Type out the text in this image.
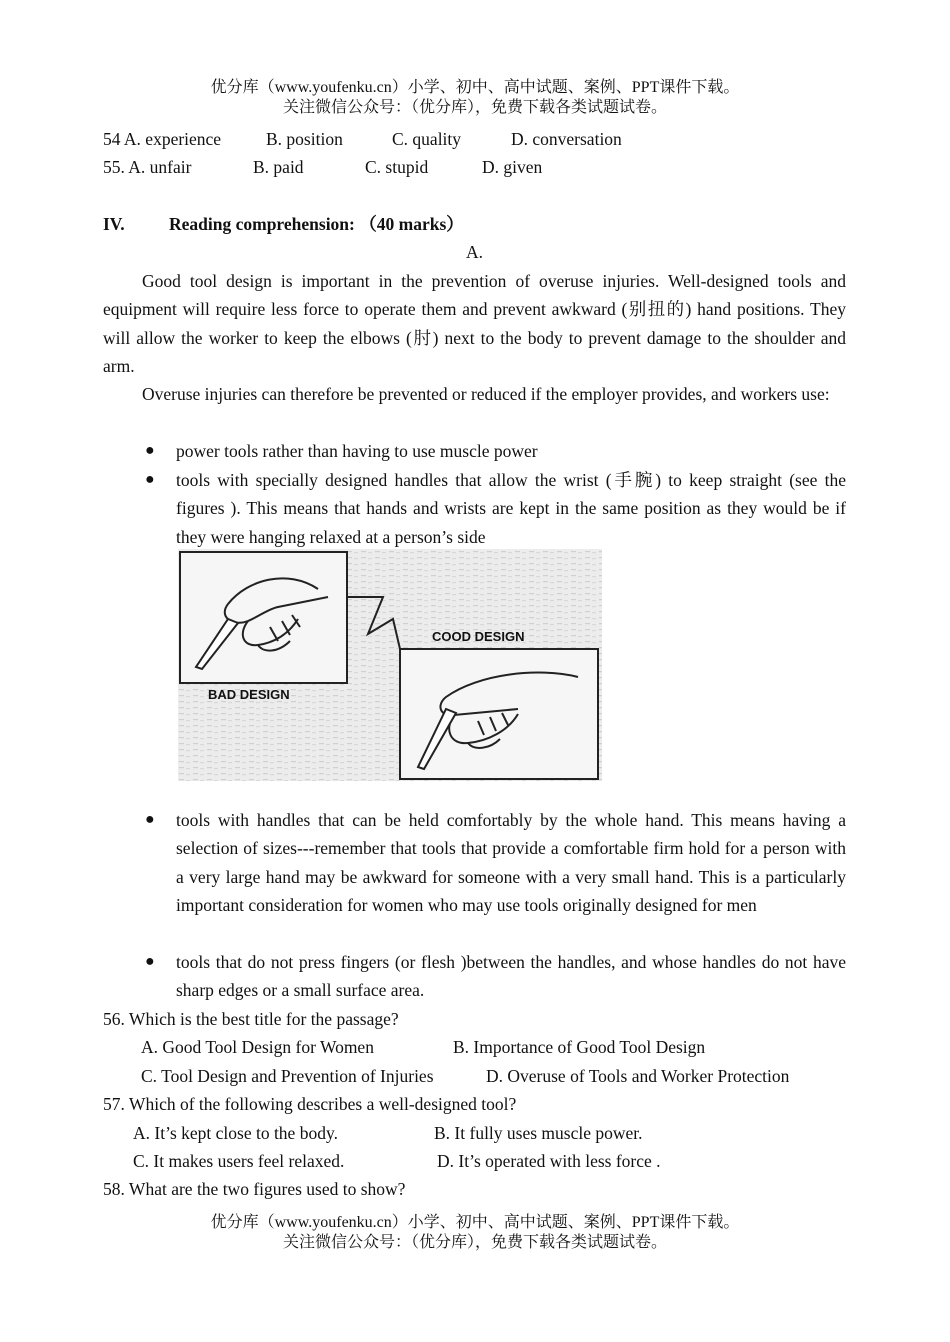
优分库（www.youfenku.cn）小学、初中、高中试题、案例、PPT课件下载。
关注微信公众号：（优分库），免费下载各类试题试卷。
54 A. experience	B. position	C. quality	D. conversation
55. A. unfair	B. paid	C. stupid	D. given
IV.	Reading comprehension: （40 marks）
A.
Good tool design is important in the prevention of overuse injuries. Well-designed tools and equipment will require less force to operate them and prevent awkward (别扭的) hand positions. They will allow the worker to keep the elbows (肘) next to the body to prevent damage to the shoulder and arm.
Overuse injuries can therefore be prevented or reduced if the employer provides, and workers use:
● power tools rather than having to use muscle power
● tools with specially designed handles that allow the wrist (手腕) to keep straight (see the figures ). This means that hands and wrists are kept in the same position as they would be if they were hanging relaxed at a person’s side
BAD DESIGN
COOD DESIGN
● tools with handles that can be held comfortably by the whole hand. This means having a selection of sizes---remember that tools that provide a comfortable firm hold for a person with a very large hand may be awkward for someone with a very small hand. This is a particularly important consideration for women who may use tools originally designed for men
● tools that do not press fingers (or flesh )between the handles, and whose handles do not have sharp edges or a small surface area.
56. Which is the best title for the passage?
A. Good Tool Design for Women	B. Importance of Good Tool Design
C. Tool Design and Prevention of Injuries	D. Overuse of Tools and Worker Protection
57. Which of the following describes a well-designed tool?
A. It’s kept close to the body.	B. It fully uses muscle power.
C. It makes users feel relaxed.	D. It’s operated with less force .
58. What are the two figures used to show?
优分库（www.youfenku.cn）小学、初中、高中试题、案例、PPT课件下载。
关注微信公众号：（优分库），免费下载各类试题试卷。
